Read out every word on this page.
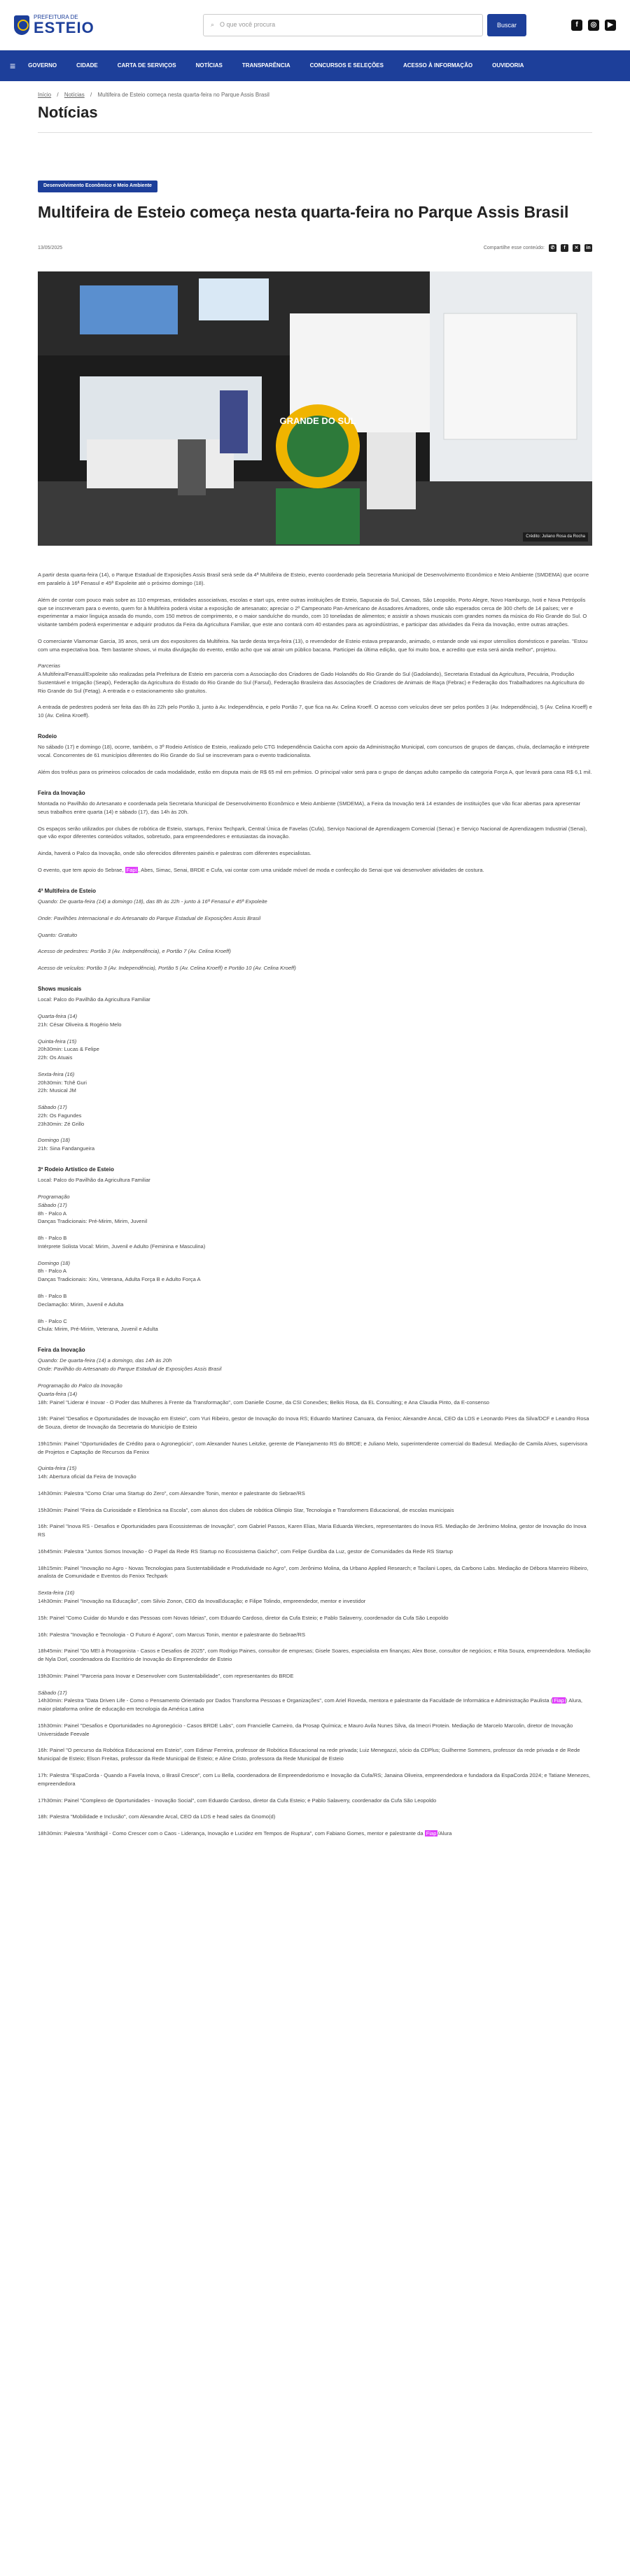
PREFEITURA DE
ESTEIO	⌕ O que você procura	Buscar	f	◎	▶
≡ GOVERNO	CIDADE	CARTA DE SERVIÇOS	NOTÍCIAS	TRANSPARÊNCIA	CONCURSOS E SELEÇÕES	ACESSO À INFORMAÇÃO	OUVIDORIA
Início / Notícias / Multifeira de Esteio começa nesta quarta-feira no Parque Assis Brasil
Notícias
Desenvolvimento Econômico e Meio Ambiente
Multifeira de Esteio começa nesta quarta-feira no Parque Assis Brasil
13/05/2025	Compartilhe esse conteúdo:	✆	f	✕	in
GRANDE DO SUL
Crédito: Juliano Rosa da Rocha

A partir desta quarta-feira (14), o Parque Estadual de Exposições Assis Brasil será sede da 4ª Multifeira de Esteio, evento coordenado pela Secretaria Municipal de Desenvolvimento Econômico e Meio Ambiente (SMDEMA) que ocorre em paralelo à 16ª Fenasul e 45ª Expoleite até o próximo domingo (18).

Além de contar com pouco mais sobre as 110 empresas, entidades associativas, escolas e start ups, entre outras instituições de Esteio, Sapucaia do Sul, Canoas, São Leopoldo, Porto Alegre, Novo Hamburgo, Ivoti e Nova Petrópolis que se inscreveram para o evento, quem for à Multifeira poderá visitar a exposição de artesanato; apreciar o 2º Campeonato Pan-Americano de Assadores Amadores, onde são esperados cerca de 300 chefs de 14 países; ver e experimentar a maior linguiça assada do mundo, com 150 metros de comprimento, e o maior sanduíche do mundo, com 10 toneladas de alimentos; e assistir a shows musicais com grandes nomes da música do Rio Grande do Sul. O visitante também poderá experimentar e adquirir produtos da Feira da Agricultura Familiar, que este ano contará com 40 estandes para as agroindústrias, e participar das atividades da Feira da Inovação, entre outras atrações.

O comerciante Vlamomar Garcia, 35 anos, será um dos expositores da Multifeira. Na tarde desta terça-feira (13), o revendedor de Esteio estava preparando, animado, o estande onde vai expor utensílios domésticos e panelas. "Estou com uma expectativa boa. Tem bastante shows, vi muita divulgação do evento, então acho que vai atrair um público bacana. Participei da última edição, que foi muito boa, e acredito que esta será ainda melhor", projetou.

Parcerias

A Multifeira/Fenasul/Expoleite são realizadas pela Prefeitura de Esteio em parceria com a Associação dos Criadores de Gado Holandês do Rio Grande do Sul (Gadolando), Secretaria Estadual da Agricultura, Pecuária, Produção Sustentável e Irrigação (Seapi), Federação da Agricultura do Estado do Rio Grande do Sul (Farsul), Federação Brasileira das Associações de Criadores de Animais de Raça (Febrac) e Federação dos Trabalhadores na Agricultura do Rio Grande do Sul (Fetag). A entrada e o estacionamento são gratuitos.

A entrada de pedestres poderá ser feita das 8h às 22h pelo Portão 3, junto à Av. Independência, e pelo Portão 7, que fica na Av. Celina Kroeff. O acesso com veículos deve ser pelos portões 3 (Av. Independência), 5 (Av. Celina Kroeff) e 10 (Av. Celina Kroeff).

Rodeio

No sábado (17) e domingo (18), ocorre, também, o 3º Rodeio Artístico de Esteio, realizado pelo CTG Independência Gaúcha com apoio da Administração Municipal, com concursos de grupos de danças, chula, declamação e intérprete vocal. Concorrentes de 61 municípios diferentes do Rio Grande do Sul se inscreveram para o evento tradicionalista.

Além dos troféus para os primeiros colocados de cada modalidade, estão em disputa mais de R$ 65 mil em prêmios. O principal valor será para o grupo de danças adulto campeão da categoria Força A, que levará para casa R$ 6,1 mil.

Feira da Inovação

Montada no Pavilhão do Artesanato e coordenada pela Secretaria Municipal de Desenvolvimento Econômico e Meio Ambiente (SMDEMA), a Feira da Inovação terá 14 estandes de instituições que vão ficar abertas para apresentar seus trabalhos entre quarta (14) e sábado (17), das 14h às 20h.

Os espaços serão utilizados por clubes de robótica de Esteio, startups, Fenixx Techpark, Central Única de Favelas (Cufa), Serviço Nacional de Aprendizagem Comercial (Senac) e Serviço Nacional de Aprendizagem Industrial (Senai), que vão expor diferentes conteúdos voltados, sobretudo, para empreendedores e entusiastas da inovação.

Ainda, haverá o Palco da Inovação, onde são oferecidos diferentes painéis e palestras com diferentes especialistas.

O evento, que tem apoio do Sebrae, Fapi , Abes, Simac, Senai, BRDE e Cufa, vai contar com uma unidade móvel de moda e confecção do Senai que vai desenvolver atividades de costura.

4ª Multifeira de Esteio

Quando: De quarta-feira (14) a domingo (18), das 8h às 22h - junto à 16ª Fenasul e 45ª Expoleite

Onde: Pavilhões Internacional e do Artesanato do Parque Estadual de Exposições Assis Brasil

Quanto: Gratuito

Acesso de pedestres: Portão 3 (Av. Independência), e Portão 7 (Av. Celina Kroeff)

Acesso de veículos: Portão 3 (Av. Independência), Portão 5 (Av. Celina Kroeff) e Portão 10 (Av. Celina Kroeff)

Shows musicais

Local: Palco do Pavilhão da Agricultura Familiar

Quarta-feira (14)
21h: César Oliveira & Rogério Melo

Quinta-feira (15)
20h30min: Lucas & Felipe
22h: Os Atuais

Sexta-feira (16)
20h30min: Tchê Guri
22h: Musical JM

Sábado (17)
22h: Os Fagundes
23h30min: Zé Grillo

Domingo (18)
21h: Sina Fandangueira

3º Rodeio Artístico de Esteio

Local: Palco do Pavilhão da Agricultura Familiar

Programação

Sábado (17)
8h - Palco A
Danças Tradicionais: Pré-Mirim, Mirim, Juvenil

8h - Palco B
Intérprete Solista Vocal: Mirim, Juvenil e Adulto (Feminina e Masculina)

Domingo (18)
8h - Palco A
Danças Tradicionais: Xiru, Veterana, Adulta Força B e Adulto Força A

8h - Palco B
Declamação: Mirim, Juvenil e Adulta

8h - Palco C
Chula: Mirim, Pré-Mirim, Veterana, Juvenil e Adulta

Feira da Inovação

Quando: De quarta-feira (14) a domingo, das 14h às 20h

Onde: Pavilhão do Artesanato do Parque Estadual de Exposições Assis Brasil

Programação do Palco da Inovação
Quarta-feira (14)

18h: Painel "Liderar é Inovar - O Poder das Mulheres à Frente da Transformação", com Danielle Cosme, da CSI Conexões; Belkis Rosa, da EL Consulting; e Ana Claudia Pinto, da E-consenso

19h: Painel "Desafios e Oportunidades de Inovação em Esteio", com Yuri Ribeiro, gestor de Inovação do Inova RS; Eduardo Martinez Canuara, da Fenixx; Alexandre Ancai, CEO da LDS e Leonardo Pires da Silva/DCF e Leandro Rosa de Souza, diretor de Inovação da Secretaria do Município de Esteio

19h15min: Painel "Oportunidades de Crédito para o Agronegócio", com Alexander Nunes Leitzke, gerente de Planejamento RS do BRDE; e Juliano Melo, superintendente comercial do Badesul. Mediação de Camila Alves, supervisora de Projetos e Captação de Recursos da Fenixx

Quinta-feira (15)

14h: Abertura oficial da Feira de Inovação

14h30min: Palestra "Como Criar uma Startup do Zero", com Alexandre Tonin, mentor e palestrante do Sebrae/RS

15h30min: Painel "Feira da Curiosidade e Eletrônica na Escola", com alunos dos clubes de robótica Olimpio Star, Tecnologia e Transformers Educacional, de escolas municipais

16h: Painel "Inova RS - Desafios e Oportunidades para Ecossistemas de Inovação", com Gabriel Passos, Karen Elias, Maria Eduarda Weckes, representantes do Inova RS. Mediação de Jerônimo Molina, gestor de Inovação do Inova RS

16h45min: Palestra "Juntos Somos Inovação - O Papel da Rede RS Startup no Ecossistema Gaúcho", com Felipe Gurdiba da Luz, gestor de Comunidades da Rede RS Startup

18h15min: Painel "Inovação no Agro - Novas Tecnologias para Sustentabilidade e Produtividade no Agro", com Jerônimo Molina, da Urbano Applied Research; e Tacilani Lopes, da Carbono Labs. Mediação de Débora Marreiro Ribeiro, analista de Comunidade e Eventos do Fenixx Techpark

Sexta-feira (16)

14h30min: Painel "Inovação na Educação", com Silvio Zonon, CEO da InovaEducação; e Filipe Tolindo, empreendedor, mentor e investidor

15h: Painel "Como Cuidar do Mundo e das Pessoas com Novas Ideias", com Eduardo Cardoso, diretor da Cufa Esteio; e Pablo Salaverry, coordenador da Cufa São Leopoldo

16h: Palestra "Inovação e Tecnologia - O Futuro é Agora", com Marcus Tonin, mentor e palestrante do Sebrae/RS

18h45min: Painel "Do MEI à Protagonista - Casos e Desafios de 2025", com Rodrigo Paines, consultor de empresas; Gisele Soares, especialista em finanças; Alex Bose, consultor de negócios; e Rita Souza, empreendedora. Mediação de Nyla Dorl, coordenadora do Escritório de Inovação do Empreendedor de Esteio

19h30min: Painel "Parceria para Inovar e Desenvolver com Sustentabilidade", com representantes do BRDE

Sábado (17)

14h30min: Palestra "Data Driven Life - Como o Pensamento Orientado por Dados Transforma Pessoas e Organizações", com Ariel Roveda, mentora e palestrante da Faculdade de Informática e Administração Paulista ( Fiap ) Alura, maior plataforma online de educação em tecnologia da América Latina

15h30min: Painel "Desafios e Oportunidades no Agronegócio - Casos BRDE Labs", com Francielle Carneiro, da Prosap Química; e Mauro Avila Nunes Silva, da Imecri Protein. Mediação de Marcelo Marcolin, diretor de Inovação Universidade Feevale

16h: Painel "O percurso da Robótica Educacional em Esteio", com Edimar Ferreira, professor de Robótica Educacional na rede privada; Luiz Menegazzi, sócio da CDPlus; Guilherme Sommers, professor da rede privada e de Rede Municipal de Esteio; Elson Freitas, professor da Rede Municipal de Esteio; e Aline Cristo, professora da Rede Municipal de Esteio

17h: Palestra "EspaCorda - Quando a Favela Inova, o Brasil Cresce", com Lu Bella, coordenadora de Empreendedorismo e Inovação da Cufa/RS; Janaina Oliveira, empreendedora e fundadora da EspaCorda 2024; e Tatiane Menezes, empreendedora

17h30min: Painel "Complexo de Oportunidades - Inovação Social", com Eduardo Cardoso, diretor da Cufa Esteio; e Pablo Salaverry, coordenador da Cufa São Leopoldo

18h: Palestra "Mobilidade e Inclusão", com Alexandre Arcal, CEO da LDS e head sales da Gnomo(d)

18h30min: Palestra "Antifrágil - Como Crescer com o Caos - Liderança, Inovação e Lucidez em Tempos de Ruptura", com Fabiano Gomes, mentor e palestrante da Fiap /Alura
